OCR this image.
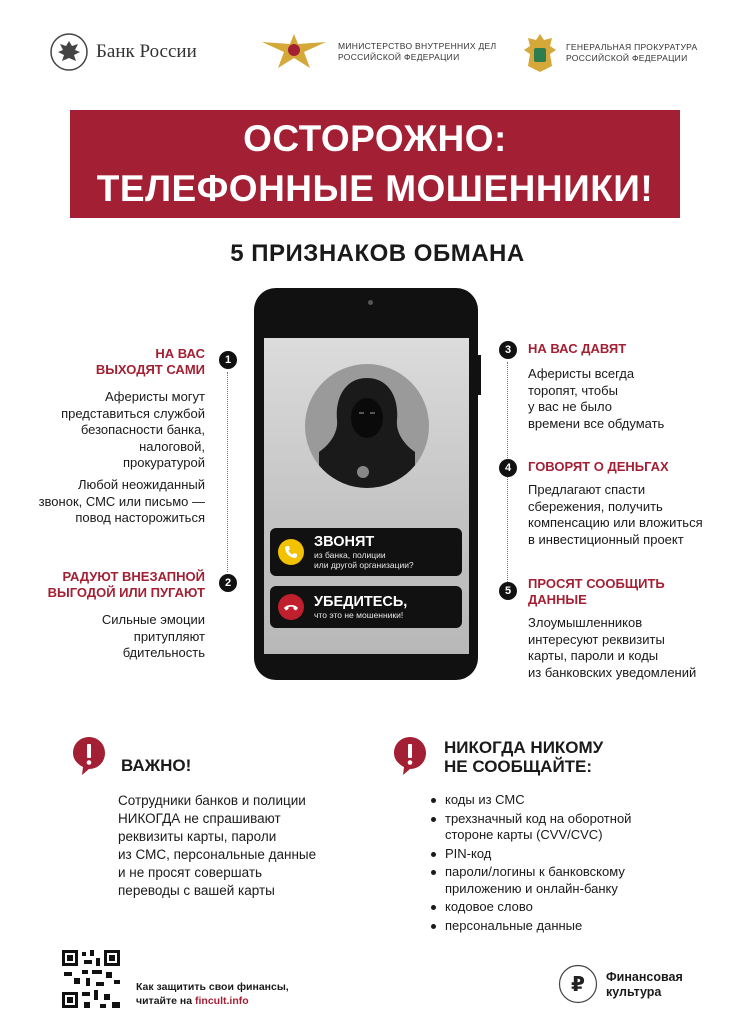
Банк России	МИНИСТЕРСТВО ВНУТРЕННИХ ДЕЛ
РОССИЙСКОЙ ФЕДЕРАЦИИ
ГЕНЕРАЛЬНАЯ ПРОКУРАТУРА
РОССИЙСКОЙ ФЕДЕРАЦИИ
ОСТОРОЖНО:
ТЕЛЕФОННЫЕ МОШЕННИКИ!
5 ПРИЗНАКОВ ОБМАНА
ЗВОНЯТ
из банка, полиции
или другой организации?
УБЕДИТЕСЬ,
что это не мошенники!
1
НА ВАС
ВЫХОДЯТ САМИ
Аферисты могут
представиться службой
безопасности банка,
налоговой,
прокуратурой
Любой неожиданный
звонок, СМС или письмо —
повод насторожиться
2
РАДУЮТ ВНЕЗАПНОЙ
ВЫГОДОЙ ИЛИ ПУГАЮТ
Сильные эмоции
притупляют
бдительность
3	НА ВАС ДАВЯТ
Аферисты всегда
торопят, чтобы
у вас не было
времени все обдумать
4	ГОВОРЯТ О ДЕНЬГАХ
Предлагают спасти
сбережения, получить
компенсацию или вложиться
в инвестиционный проект
5	ПРОСЯТ СООБЩИТЬ
ДАННЫЕ
Злоумышленников
интересуют реквизиты
карты, пароли и коды
из банковских уведомлений
ВАЖНО!
Сотрудники банков и полиции
НИКОГДА не спрашивают
реквизиты карты, пароли
из СМС, персональные данные
и не просят совершать
переводы с вашей карты
НИКОГДА НИКОМУ
НЕ СООБЩАЙТЕ:
коды из СМС
трехзначный код на оборотной стороне карты (CVV/CVC)
PIN-код
пароли/логины к банковскому приложению и онлайн-банку
кодовое слово
персональные данные
Как защитить свои финансы,
читайте на fincult.info
₽ Финансовая
культура
